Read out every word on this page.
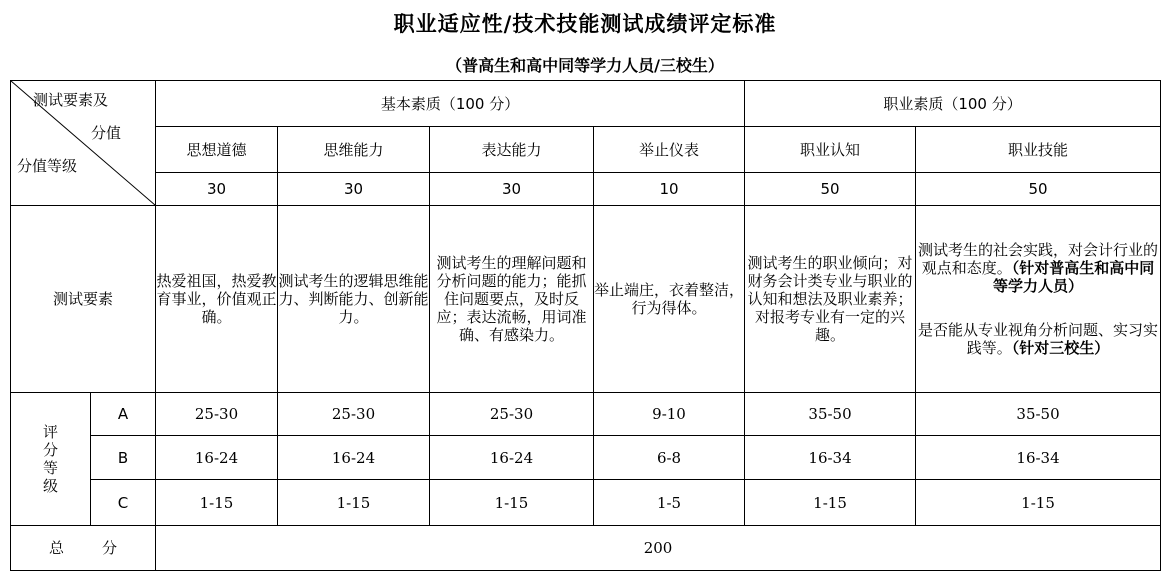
职业适应性/技术技能测试成绩评定标准
（普高生和高中同等学力人员/三校生）
测试要素及
分值
分值等级		基本素质（100 分）				职业素质（100 分）	
		思想道德	思维能力	表达能力	举止仪表	职业认知	职业技能
		30	30	30	10	50	50
测试要素		热爱祖国，热爱教育事业，价值观正确。	测试考生的逻辑思维能力、判断能力、创新能力。	测试考生的理解问题和分析问题的能力；能抓住问题要点，及时反应；表达流畅，用词准确、有感染力。	举止端庄，衣着整洁，行为得体。	测试考生的职业倾向；对财务会计类专业与职业的认知和想法及职业素养；对报考专业有一定的兴趣。	测试考生的社会实践，对会计行业的观点和态度。（针对普高生和高中同等学力人员）
是否能从专业视角分析问题、实习实践等。（针对三校生）

评
分
等
级	A	25-30	25-30	25-30	9-10	35-50	35-50
	B	16-24	16-24	16-24	6-8	16-34	16-34
	C	1-15	1-15	1-15	1-5	1-15	1-15
总分		200					
